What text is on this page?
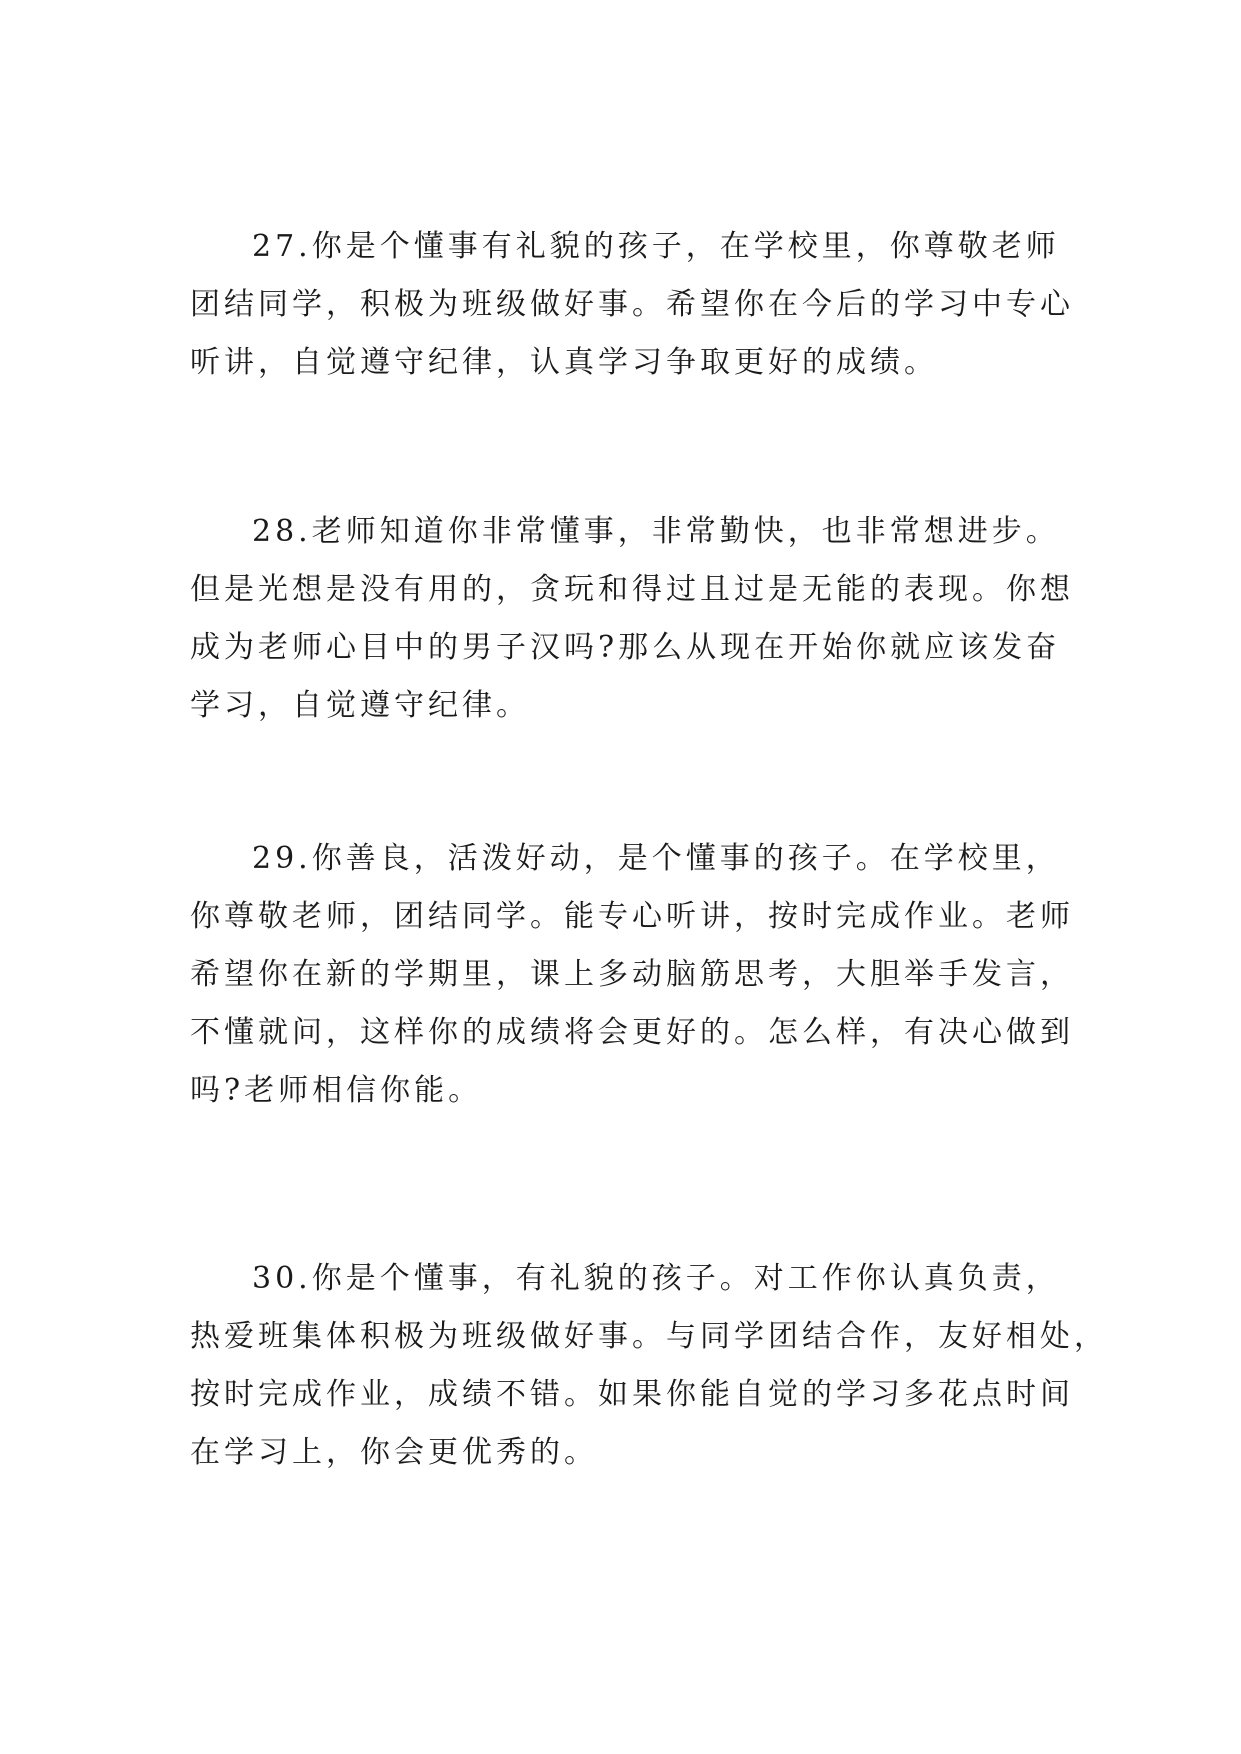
27.你是个懂事有礼貌的孩子，在学校里，你尊敬老师
团结同学，积极为班级做好事。希望你在今后的学习中专心
听讲，自觉遵守纪律，认真学习争取更好的成绩。

28.老师知道你非常懂事，非常勤快，也非常想进步。
但是光想是没有用的，贪玩和得过且过是无能的表现。你想
成为老师心目中的男子汉吗?那么从现在开始你就应该发奋
学习，自觉遵守纪律。

29.你善良，活泼好动，是个懂事的孩子。在学校里，
你尊敬老师，团结同学。能专心听讲，按时完成作业。老师
希望你在新的学期里，课上多动脑筋思考，大胆举手发言，
不懂就问，这样你的成绩将会更好的。怎么样，有决心做到
吗?老师相信你能。

30.你是个懂事，有礼貌的孩子。对工作你认真负责，
热爱班集体积极为班级做好事。与同学团结合作，友好相处，
按时完成作业，成绩不错。如果你能自觉的学习多花点时间
在学习上，你会更优秀的。
